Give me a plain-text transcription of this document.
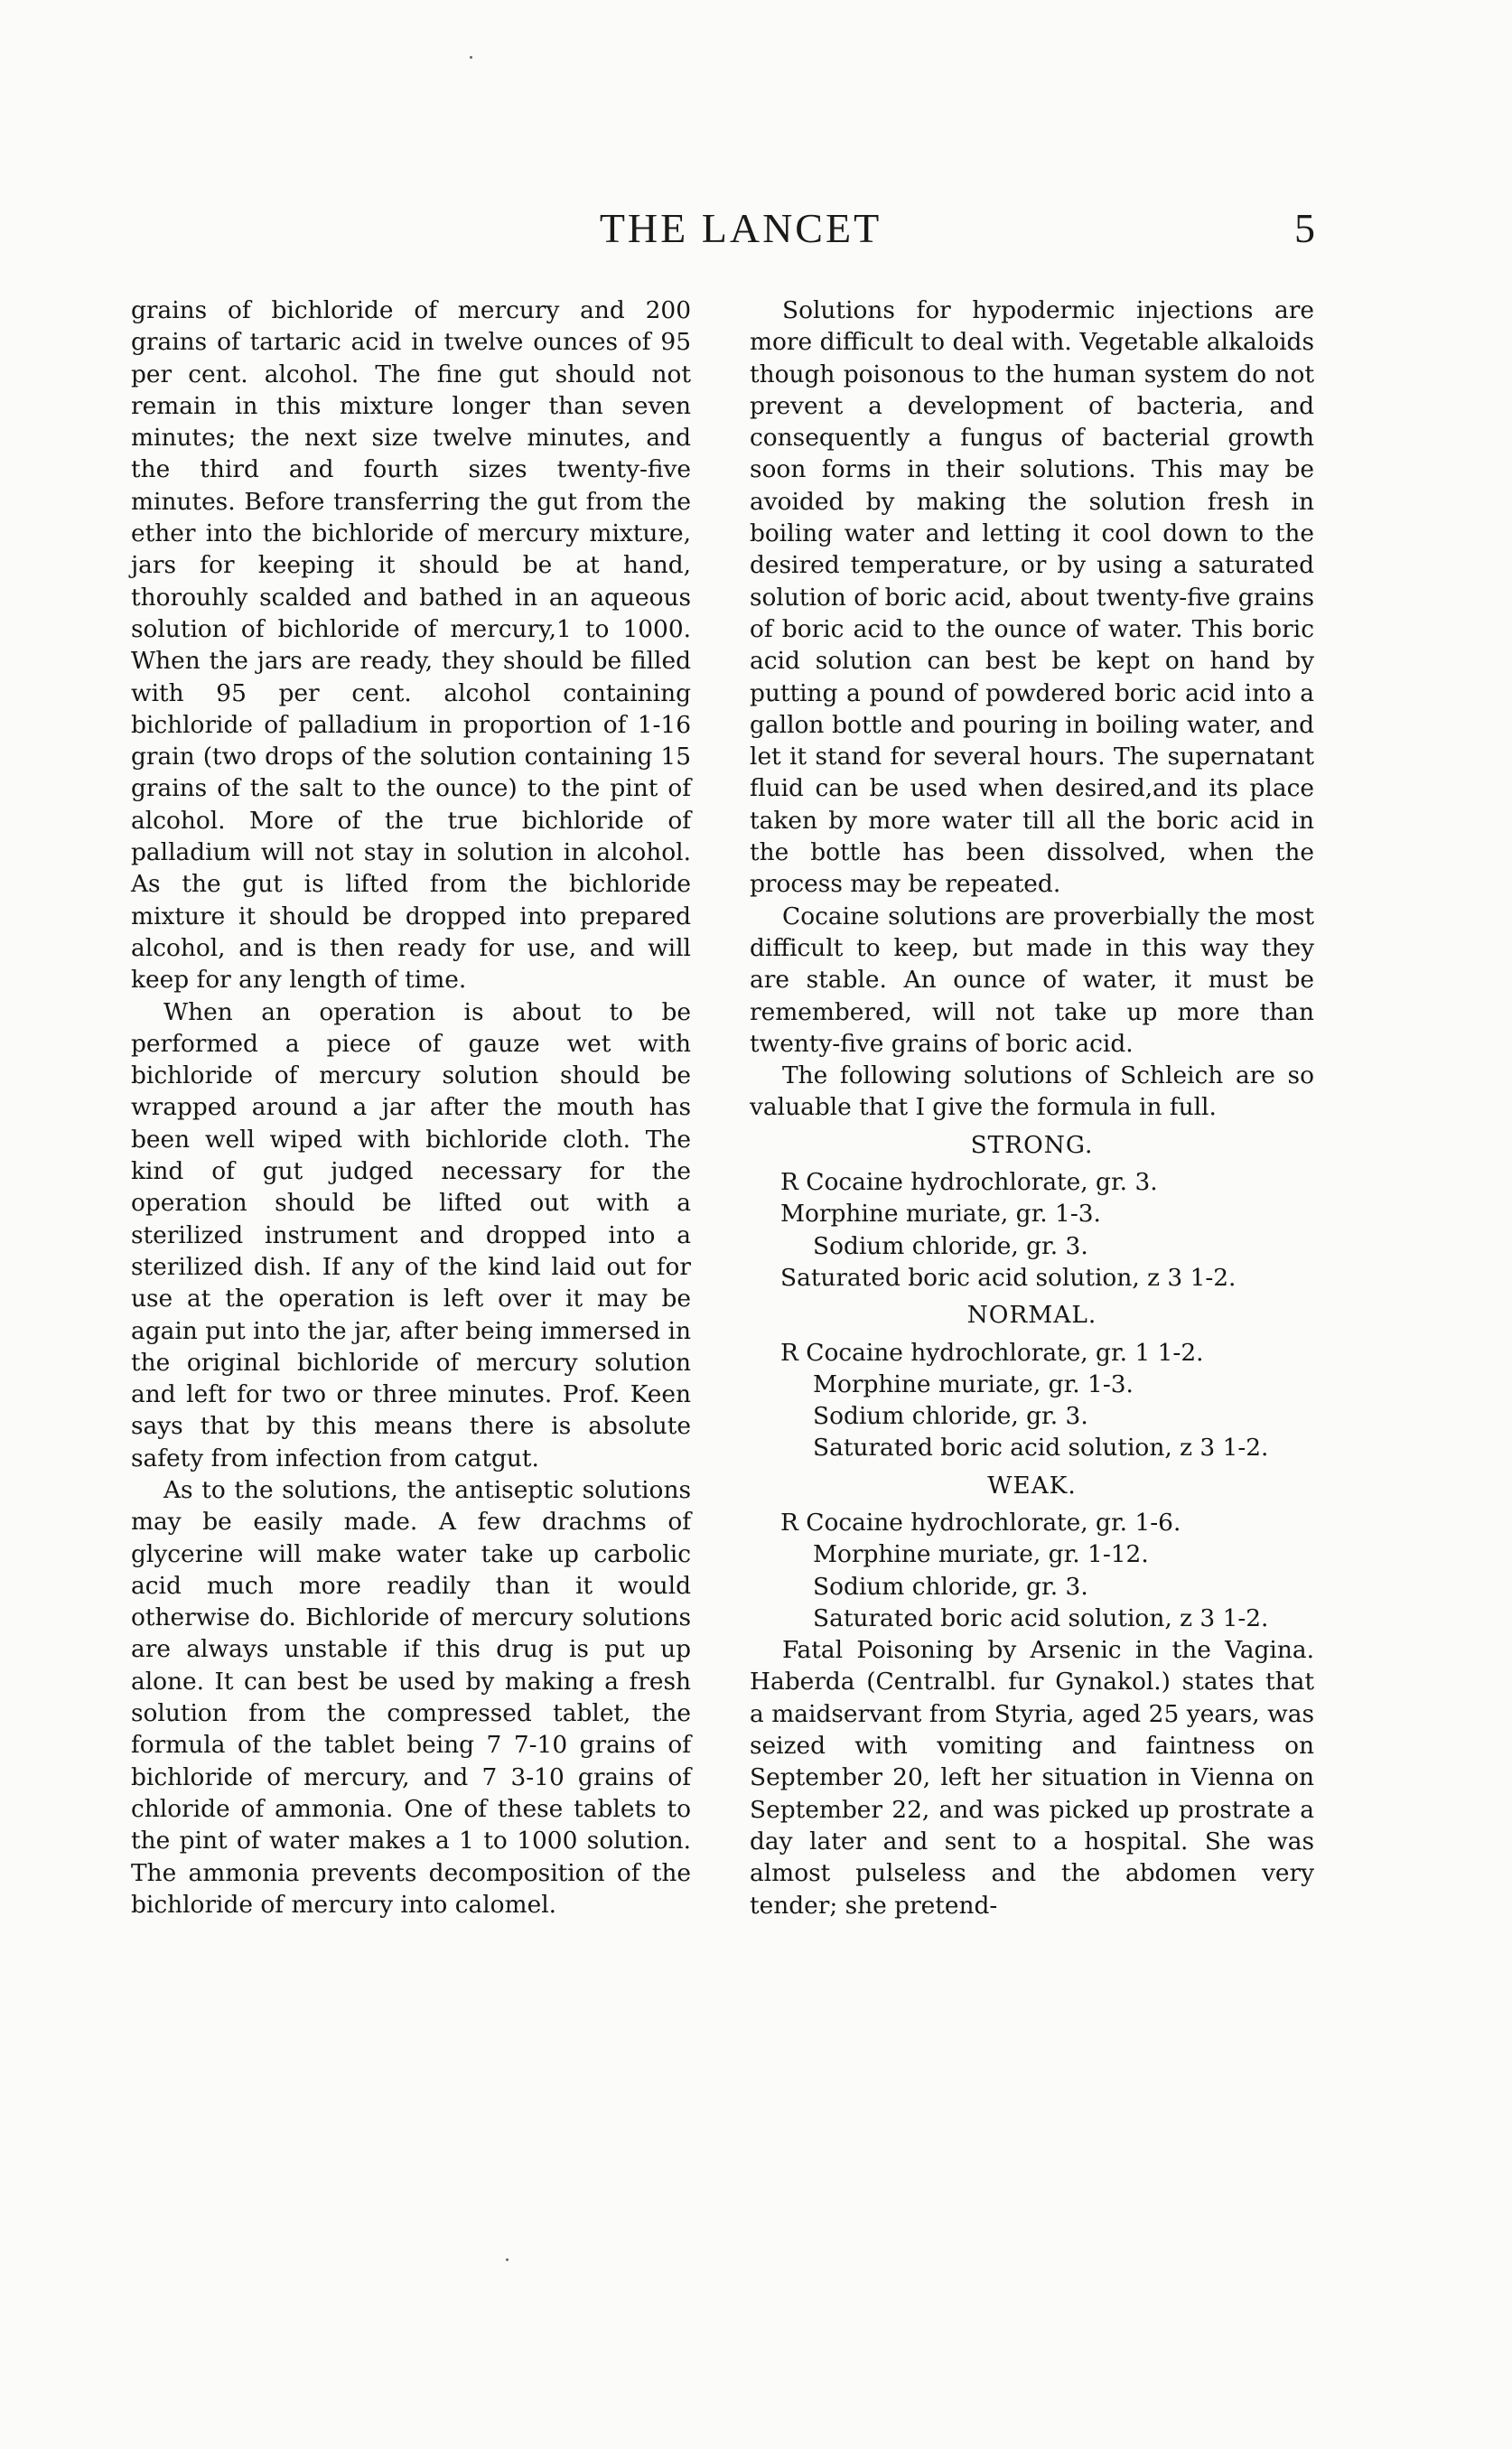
THE LANCET	5

grains of bichloride of mercury and 200 grains of tartaric acid in twelve ounces of 95 per cent. alcohol. The fine gut should not remain in this mixture longer than seven minutes; the next size twelve minutes, and the third and fourth sizes twenty-five minutes. Before transferring the gut from the ether into the bichloride of mercury mixture, jars for keeping it should be at hand, thorouhly scalded and bathed in an aqueous solution of bichloride of mercury,1 to 1000. When the jars are ready, they should be filled with 95 per cent. alcohol containing bichloride of palladium in proportion of 1-16 grain (two drops of the solution containing 15 grains of the salt to the ounce) to the pint of alcohol. More of the true bichloride of palladium will not stay in solution in alcohol. As the gut is lifted from the bichloride mixture it should be dropped into prepared alcohol, and is then ready for use, and will keep for any length of time.

When an operation is about to be performed a piece of gauze wet with bichloride of mercury solution should be wrapped around a jar after the mouth has been well wiped with bichloride cloth. The kind of gut judged necessary for the operation should be lifted out with a sterilized instrument and dropped into a sterilized dish. If any of the kind laid out for use at the operation is left over it may be again put into the jar, after being immersed in the original bichloride of mercury solution and left for two or three minutes. Prof. Keen says that by this means there is absolute safety from infection from catgut.

As to the solutions, the antiseptic solutions may be easily made. A few drachms of glycerine will make water take up carbolic acid much more readily than it would otherwise do. Bichloride of mercury solutions are always unstable if this drug is put up alone. It can best be used by making a fresh solution from the compressed tablet, the formula of the tablet being 7 7-10 grains of bichloride of mercury, and 7 3-10 grains of chloride of ammonia. One of these tablets to the pint of water makes a 1 to 1000 solution. The ammonia prevents decomposition of the bichloride of mercury into calomel.

Solutions for hypodermic injections are more difficult to deal with. Vegetable alkaloids though poisonous to the human system do not prevent a development of bacteria, and consequently a fungus of bacterial growth soon forms in their solutions. This may be avoided by making the solution fresh in boiling water and letting it cool down to the desired temperature, or by using a saturated solution of boric acid, about twenty-five grains of boric acid to the ounce of water. This boric acid solution can best be kept on hand by putting a pound of powdered boric acid into a gallon bottle and pouring in boiling water, and let it stand for several hours. The supernatant fluid can be used when desired,and its place taken by more water till all the boric acid in the bottle has been dissolved, when the process may be repeated.

Cocaine solutions are proverbially the most difficult to keep, but made in this way they are stable. An ounce of water, it must be remembered, will not take up more than twenty-five grains of boric acid.

The following solutions of Schleich are so valuable that I give the formula in full.

STRONG.

R Cocaine hydrochlorate, gr. 3.

Morphine muriate, gr. 1-3.

Sodium chloride, gr. 3.

Saturated boric acid solution, z 3 1-2.

NORMAL.

R Cocaine hydrochlorate, gr. 1 1-2.

Morphine muriate, gr. 1-3.

Sodium chloride, gr. 3.

Saturated boric acid solution, z 3 1-2.

WEAK.

R Cocaine hydrochlorate, gr. 1-6.

Morphine muriate, gr. 1-12.

Sodium chloride, gr. 3.

Saturated boric acid solution, z 3 1-2.

Fatal Poisoning by Arsenic in the Vagina. Haberda (Centralbl. fur Gynakol.) states that a maidservant from Styria, aged 25 years, was seized with vomiting and faintness on September 20, left her situation in Vienna on September 22, and was picked up prostrate a day later and sent to a hospital. She was almost pulseless and the abdomen very tender; she pretend-
